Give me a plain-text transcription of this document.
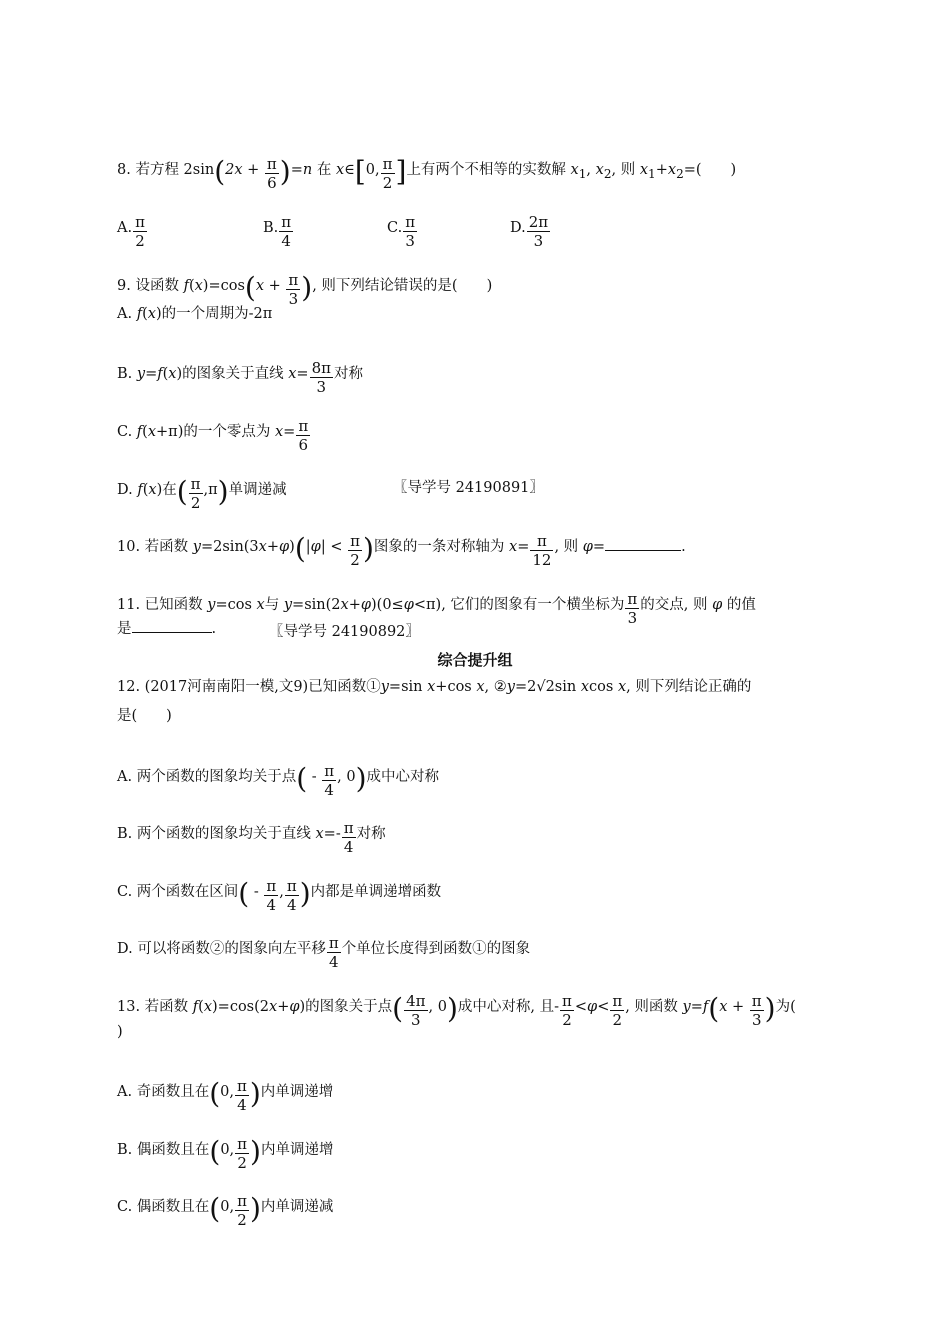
8. 若方程 $2\sin(2x + \frac{\pi}{6} )=n$ 在 x∈[0, $\frac{\pi}{2}$ ]上有两个不相等的实数解 $x_1$, $x_2$, 则 $x_1+x_2=$(　　)
A. $\frac{\pi}{2}$	B. $\frac{\pi}{4}$	C. $\frac{\pi}{3}$	D. $\frac{2\pi}{3}$
9. 设函数 $f(x)=\cos(x + \frac{\pi}{3}$ ), 则下列结论错误的是(　　)
A. f(x)的一个周期为-2π
B. y=f(x)的图象关于直线 $x= \frac{8\pi}{3}$ 对称
C. f(x+π)的一个零点为 $x= \frac{\pi}{6}$
D. f(x)在( $\frac{\pi}{2} ,\pi$)单调递减	〖导学号 24190891〗
10. 若函数 $y=2\sin(3x+\varphi)(|\varphi| < \frac{\pi}{2}$ )图象的一条对称轴为 $x= \frac{\pi}{12}$ , 则 φ=	.
11. 已知函数 y=cos x与 y=sin(2x+φ)(0≤φ<π), 它们的图象有一个横坐标为 $\frac{\pi}{3}$ 的交点, 则 φ 的值
是	.	〖导学号 24190892〗
综合提升组
12. (2017河南南阳一模,文9)已知函数①y=sin x+cos x, ②y=2√2sin xcos x, 则下列结论正确的
是(　　)
A. 两个函数的图象均关于点( - $\frac{\pi}{4}$ , 0)成中心对称
B. 两个函数的图象均关于直线 $x=- \frac{\pi}{4}$ 对称
C. 两个函数在区间( - $\frac{\pi}{4}$ , $\frac{\pi}{4}$ )内都是单调递增函数
D. 可以将函数②的图象向左平移 $\frac{\pi}{4}$ 个单位长度得到函数①的图象
13. 若函数 f(x)=cos(2x+φ)的图象关于点( $\frac{4\pi}{3}$ , 0)成中心对称, 且- $\frac{\pi}{2} <\varphi< \frac{\pi}{2}$ , 则函数 $y=f(x + \frac{\pi}{3}$ )为(
)
A. 奇函数且在(0, $\frac{\pi}{4}$ )内单调递增
B. 偶函数且在(0, $\frac{\pi}{2}$ )内单调递增
C. 偶函数且在(0, $\frac{\pi}{2}$ )内单调递减
